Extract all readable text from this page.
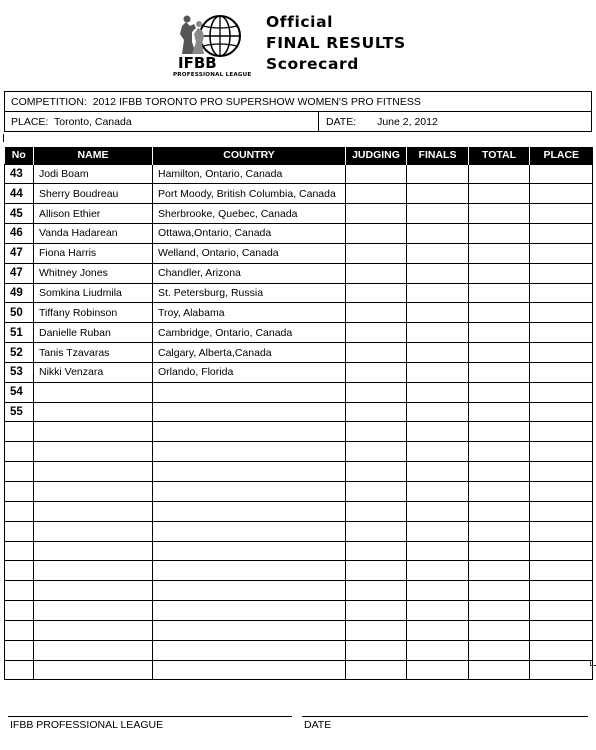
IFBB
PROFESSIONAL LEAGUE
Official
FINAL RESULTS
Scorecard
COMPETITION: 2012 IFBB TORONTO PRO SUPERSHOW WOMEN'S PRO FITNESS
PLACE: Toronto, Canada	DATE: June 2, 2012
No	NAME	COUNTRY	JUDGING	FINALS	TOTAL	PLACE
43	Jodi Boam	Hamilton, Ontario, Canada				
44	Sherry Boudreau	Port Moody, British Columbia, Canada				
45	Allison Ethier	Sherbrooke, Quebec, Canada				
46	Vanda Hadarean	Ottawa,Ontario, Canada				
47	Fiona Harris	Welland, Ontario, Canada				
47	Whitney Jones	Chandler, Arizona				
49	Somkina Liudmila	St. Petersburg, Russia				
50	Tiffany Robinson	Troy, Alabama				
51	Danielle Ruban	Cambridge, Ontario, Canada				
52	Tanis Tzavaras	Calgary, Alberta,Canada				
53	Nikki Venzara	Orlando, Florida				
54						
55						

IFBB PROFESSIONAL LEAGUE	DATE
